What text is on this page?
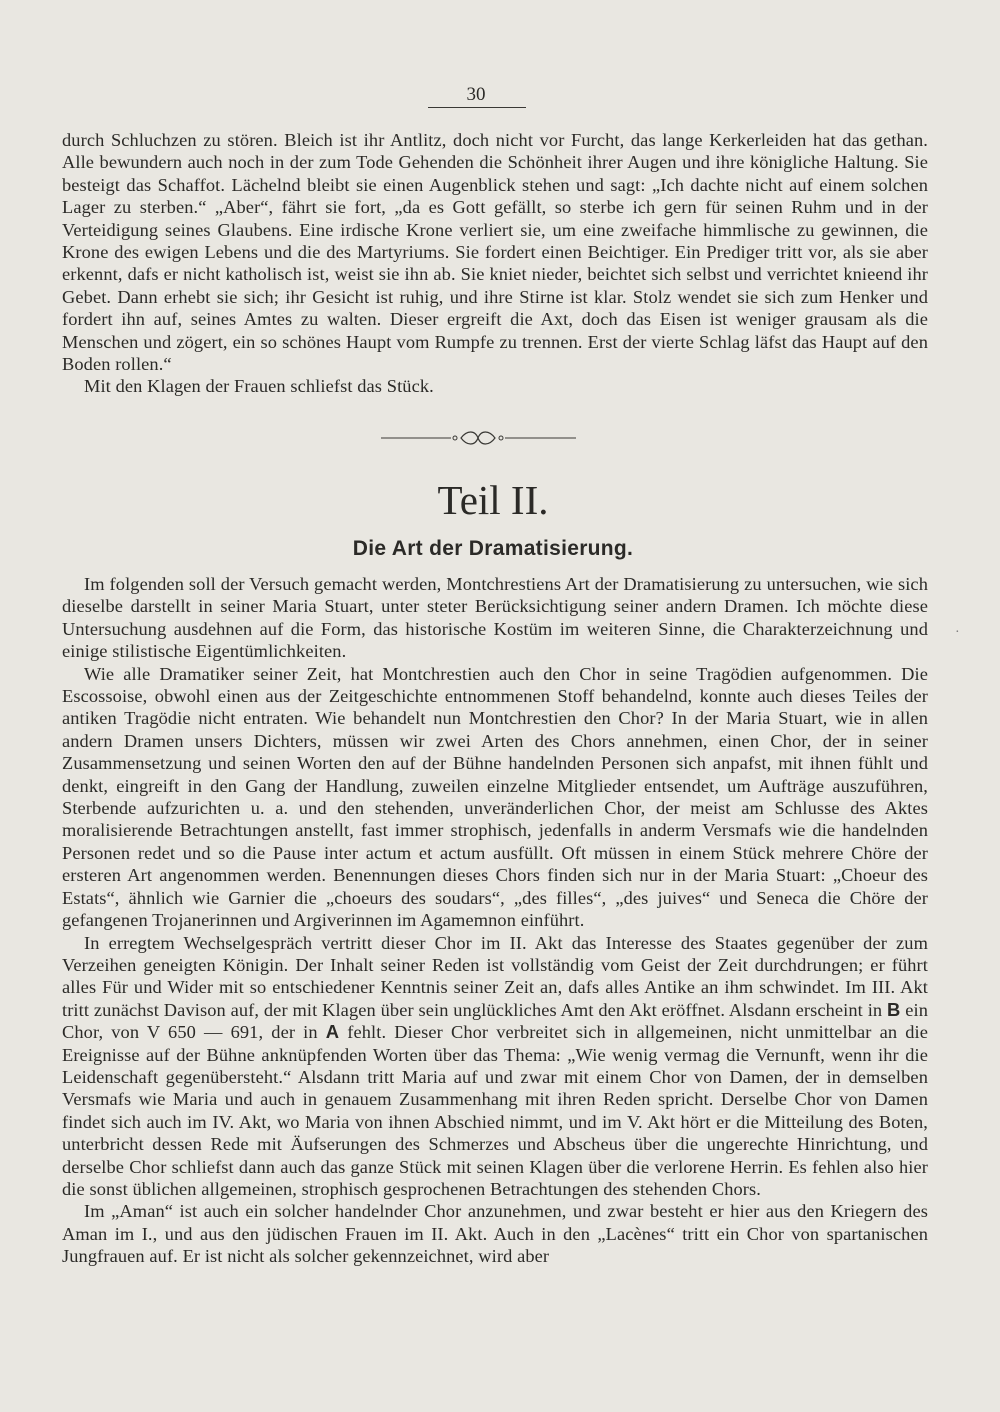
30

durch Schluchzen zu stören. Bleich ist ihr Antlitz, doch nicht vor Furcht, das lange Kerkerleiden hat das gethan. Alle bewundern auch noch in der zum Tode Gehenden die Schönheit ihrer Augen und ihre königliche Haltung. Sie besteigt das Schaffot. Lächelnd bleibt sie einen Augenblick stehen und sagt: „Ich dachte nicht auf einem solchen Lager zu sterben.“ „Aber“, fährt sie fort, „da es Gott gefällt, so sterbe ich gern für seinen Ruhm und in der Verteidigung seines Glaubens. Eine irdische Krone verliert sie, um eine zweifache himmlische zu gewinnen, die Krone des ewigen Lebens und die des Martyriums. Sie fordert einen Beichtiger. Ein Prediger tritt vor, als sie aber erkennt, dafs er nicht katholisch ist, weist sie ihn ab. Sie kniet nieder, beichtet sich selbst und verrichtet knieend ihr Gebet. Dann erhebt sie sich; ihr Gesicht ist ruhig, und ihre Stirne ist klar. Stolz wendet sie sich zum Henker und fordert ihn auf, seines Amtes zu walten. Dieser ergreift die Axt, doch das Eisen ist weniger grausam als die Menschen und zögert, ein so schönes Haupt vom Rumpfe zu trennen. Erst der vierte Schlag läfst das Haupt auf den Boden rollen.“

Mit den Klagen der Frauen schliefst das Stück.

Teil II.
Die Art der Dramatisierung.

Im folgenden soll der Versuch gemacht werden, Montchrestiens Art der Dramatisierung zu untersuchen, wie sich dieselbe darstellt in seiner Maria Stuart, unter steter Berücksichtigung seiner andern Dramen. Ich möchte diese Untersuchung ausdehnen auf die Form, das historische Kostüm im weiteren Sinne, die Charakterzeichnung und einige stilistische Eigentümlichkeiten.

Wie alle Dramatiker seiner Zeit, hat Montchrestien auch den Chor in seine Tragödien aufgenommen. Die Escossoise, obwohl einen aus der Zeitgeschichte entnommenen Stoff behandelnd, konnte auch dieses Teiles der antiken Tragödie nicht entraten. Wie behandelt nun Montchrestien den Chor? In der Maria Stuart, wie in allen andern Dramen unsers Dichters, müssen wir zwei Arten des Chors annehmen, einen Chor, der in seiner Zusammensetzung und seinen Worten den auf der Bühne handelnden Personen sich anpafst, mit ihnen fühlt und denkt, eingreift in den Gang der Handlung, zuweilen einzelne Mitglieder entsendet, um Aufträge auszuführen, Sterbende aufzurichten u. a. und den stehenden, unveränderlichen Chor, der meist am Schlusse des Aktes moralisierende Betrachtungen anstellt, fast immer strophisch, jedenfalls in anderm Versmafs wie die handelnden Personen redet und so die Pause inter actum et actum ausfüllt. Oft müssen in einem Stück mehrere Chöre der ersteren Art angenommen werden. Benennungen dieses Chors finden sich nur in der Maria Stuart: „Choeur des Estats“, ähnlich wie Garnier die „choeurs des soudars“, „des filles“, „des juives“ und Seneca die Chöre der gefangenen Trojanerinnen und Argiverinnen im Agamemnon einführt.

In erregtem Wechselgespräch vertritt dieser Chor im II. Akt das Interesse des Staates gegenüber der zum Verzeihen geneigten Königin. Der Inhalt seiner Reden ist vollständig vom Geist der Zeit durchdrungen; er führt alles Für und Wider mit so entschiedener Kenntnis seiner Zeit an, dafs alles Antike an ihm schwindet. Im III. Akt tritt zunächst Davison auf, der mit Klagen über sein unglückliches Amt den Akt eröffnet. Alsdann erscheint in B ein Chor, von V 650 — 691, der in A fehlt. Dieser Chor verbreitet sich in allgemeinen, nicht unmittelbar an die Ereignisse auf der Bühne anknüpfenden Worten über das Thema: „Wie wenig vermag die Vernunft, wenn ihr die Leidenschaft gegenübersteht.“ Alsdann tritt Maria auf und zwar mit einem Chor von Damen, der in demselben Versmafs wie Maria und auch in genauem Zusammenhang mit ihren Reden spricht. Derselbe Chor von Damen findet sich auch im IV. Akt, wo Maria von ihnen Abschied nimmt, und im V. Akt hört er die Mitteilung des Boten, unterbricht dessen Rede mit Äufserungen des Schmerzes und Abscheus über die ungerechte Hinrichtung, und derselbe Chor schliefst dann auch das ganze Stück mit seinen Klagen über die verlorene Herrin. Es fehlen also hier die sonst üblichen allgemeinen, strophisch gesprochenen Betrachtungen des stehenden Chors.

Im „Aman“ ist auch ein solcher handelnder Chor anzunehmen, und zwar besteht er hier aus den Kriegern des Aman im I., und aus den jüdischen Frauen im II. Akt. Auch in den „Lacènes“ tritt ein Chor von spartanischen Jungfrauen auf. Er ist nicht als solcher gekennzeichnet, wird aber

·
